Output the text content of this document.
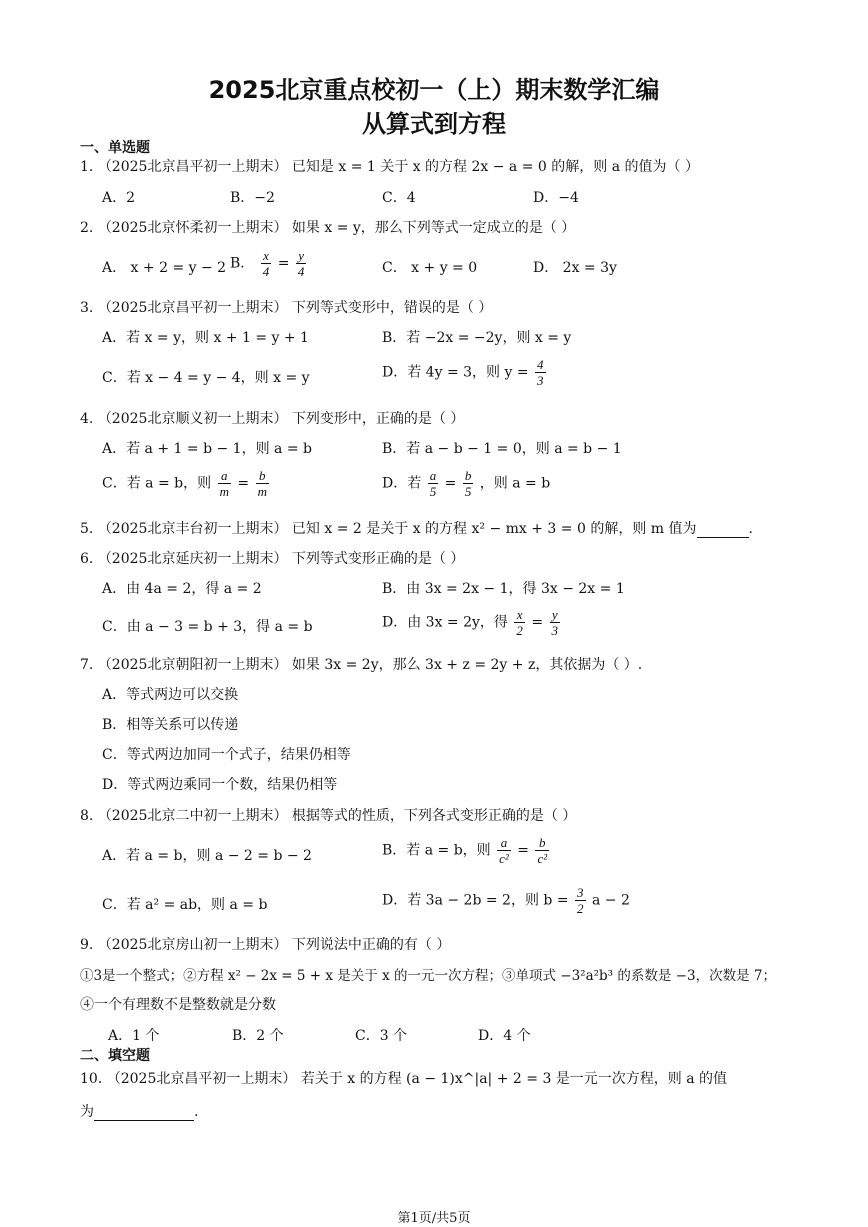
2025北京重点校初一（上）期末数学汇编
从算式到方程
一、单选题
1. （2025北京昌平初一上期末） 已知是 x = 1 关于 x 的方程 2x − a = 0 的解，则 a 的值为（ ）
A．2	B．−2	C．4	D．−4
2. （2025北京怀柔初一上期末） 如果 x = y，那么下列等式一定成立的是（ ）
A． x + 2 = y − 2 B． $\frac{x}{4} = \frac{y}{4}$	C． x + y = 0	D． 2x = 3y
3. （2025北京昌平初一上期末） 下列等式变形中，错误的是（ ）
A．若 x = y，则 x + 1 = y + 1	B．若 −2x = −2y，则 x = y
C．若 x − 4 = y − 4，则 x = y	D．若 4y = 3，则 $y = \frac{4}{3}$
4. （2025北京顺义初一上期末） 下列变形中，正确的是（ ）
A．若 a + 1 = b − 1，则 a = b	B．若 a − b − 1 = 0，则 a = b − 1
C．若 a = b，则 $\frac{a}{m} = \frac{b}{m}$	D．若 $\frac{a}{5} = \frac{b}{5}$ ，则 a = b
5. （2025北京丰台初一上期末） 已知 x = 2 是关于 x 的方程 x² − mx + 3 = 0 的解，则 m 值为	.
6. （2025北京延庆初一上期末） 下列等式变形正确的是（ ）
A．由 4a = 2，得 a = 2	B．由 3x = 2x − 1，得 3x − 2x = 1
C．由 a − 3 = b + 3，得 a = b	D．由 3x = 2y，得 $\frac{x}{2} = \frac{y}{3}$
7. （2025北京朝阳初一上期末） 如果 3x = 2y，那么 3x + z = 2y + z，其依据为（ ）.
A．等式两边可以交换
B．相等关系可以传递
C．等式两边加同一个式子，结果仍相等
D．等式两边乘同一个数，结果仍相等
8. （2025北京二中初一上期末） 根据等式的性质，下列各式变形正确的是（ ）
A．若 a = b，则 a − 2 = b − 2	B．若 a = b，则 $\frac{a}{\text{c²}} = \frac{b}{\text{c²}}$
C．若 a² = ab，则 a = b	D．若 3a − 2b = 2，则 $b = \frac{3}{2}$ a − 2
9. （2025北京房山初一上期末） 下列说法中正确的有（ ）
①3是一个整式；②方程 x² − 2x = 5 + x 是关于 x 的一元一次方程；③单项式 −3²a²b³ 的系数是 −3，次数是 7；
④一个有理数不是整数就是分数
A．1 个	B．2 个	C．3 个	D．4 个
二、填空题
10. （2025北京昌平初一上期末） 若关于 x 的方程 (a − 1)x^|a| + 2 = 3 是一元一次方程，则 a 的值
为	.
第1页/共5页
